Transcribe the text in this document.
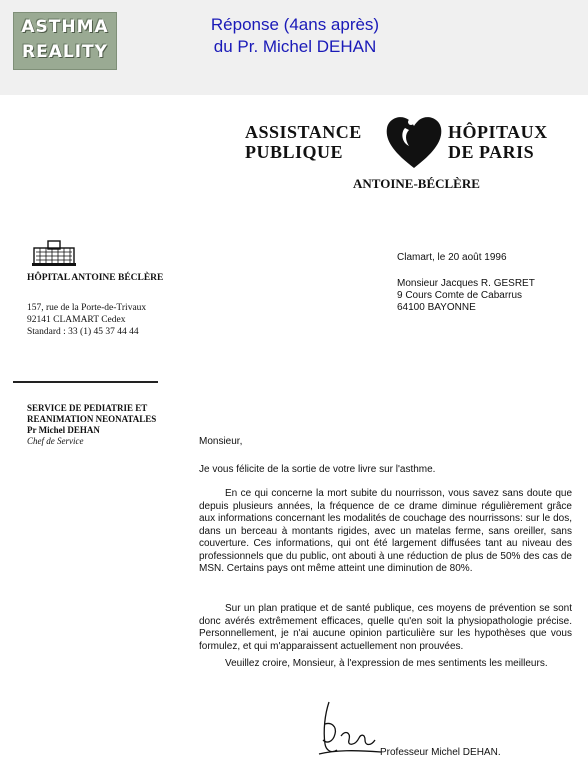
ASTHMA
REALITY
Réponse (4ans après)
du Pr. Michel DEHAN
ASSISTANCE
PUBLIQUE
HÔPITAUX
DE PARIS
ANTOINE-BÉCLÈRE
HÔPITAL ANTOINE BÉCLÈRE
157, rue de la Porte-de-Trivaux
92141 CLAMART Cedex
Standard : 33 (1) 45 37 44 44
SERVICE DE PEDIATRIE ET
REANIMATION NEONATALES
Pr Michel DEHAN
Chef de Service
Clamart, le 20 août 1996
Monsieur Jacques R. GESRET
9 Cours Comte de Cabarrus
64100 BAYONNE
Monsieur,
Je vous félicite de la sortie de votre livre sur l'asthme.
En ce qui concerne la mort subite du nourrisson, vous savez sans doute que depuis plusieurs années, la fréquence de ce drame diminue régulièrement grâce aux informations concernant les modalités de couchage des nourrissons: sur le dos, dans un berceau à montants rigides, avec un matelas ferme, sans oreiller, sans couverture. Ces informations, qui ont été largement diffusées tant au niveau des professionnels que du public, ont abouti à une réduction de plus de 50% des cas de MSN. Certains pays ont même atteint une diminution de 80%.
Sur un plan pratique et de santé publique, ces moyens de prévention se sont donc avérés extrêmement efficaces, quelle qu'en soit la physiopathologie précise. Personnellement, je n'ai aucune opinion particulière sur les hypothèses que vous formulez, et qui m'apparaissent actuellement non prouvées.
Veuillez croire, Monsieur, à l'expression de mes sentiments les meilleurs.
Professeur Michel DEHAN.
